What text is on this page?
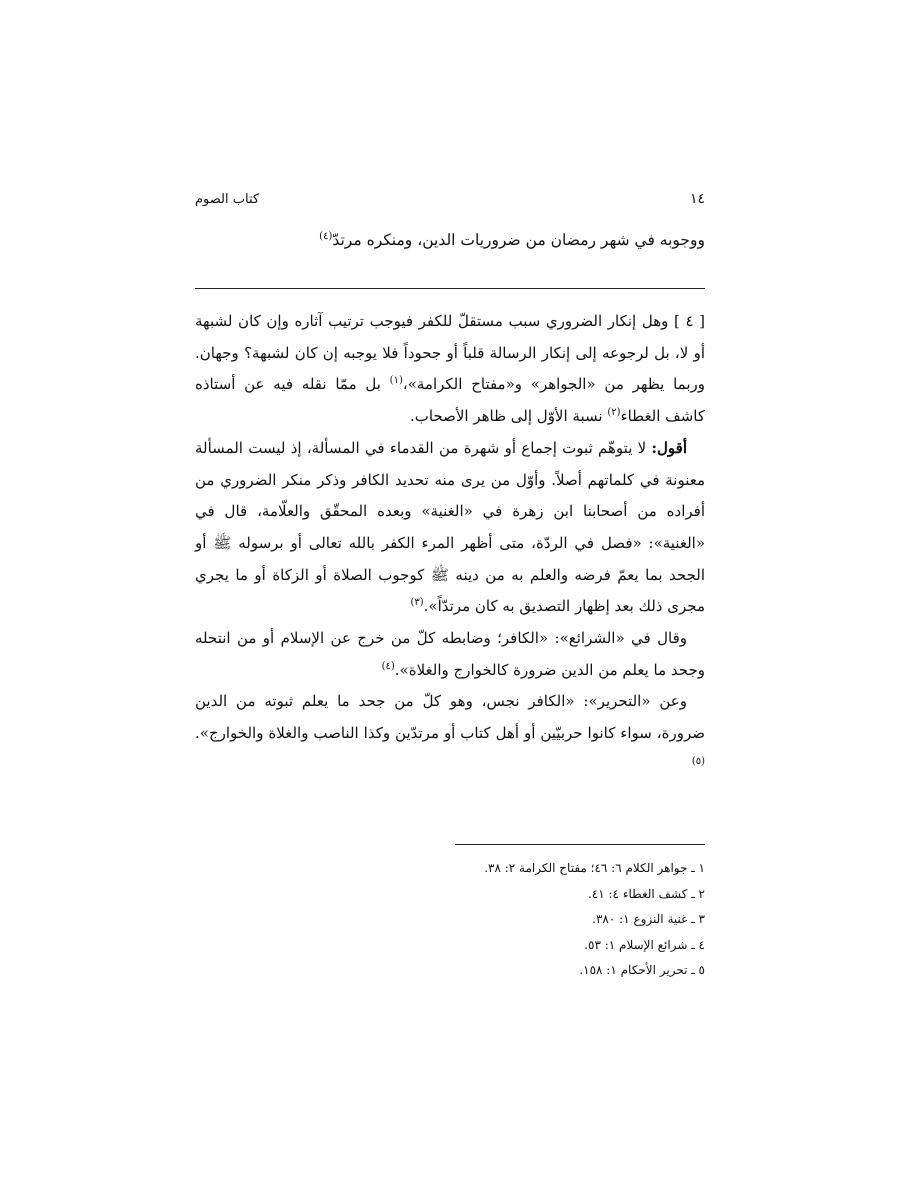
١٤
كتاب الصوم
ووجوبه في شهر رمضان من ضروريات الدين، ومنكره مرتدّ$^{(٤)}$

[ ٤ ] وهل إنكار الضروري سبب مستقلّ للكفر فيوجب ترتيب آثاره وإن كان لشبهة أو لا، بل لرجوعه إلى إنكار الرسالة قلباً أو جحوداً فلا يوجبه إن كان لشبهة؟ وجهان. وربما يظهر من «الجواهر» و«مفتاح الكرامة»،$^{(١)}$ بل ممّا نقله فيه عن أستاذه كاشف الغطاء$^{(٢)}$ نسبة الأوّل إلى ظاهر الأصحاب.

أقول: لا يتوهّم ثبوت إجماع أو شهرة من القدماء في المسألة، إذ ليست المسألة معنونة في كلماتهم أصلاً. وأوّل من يرى منه تحديد الكافر وذكر منكر الضروري من أفراده من أصحابنا ابن زهرة في «الغنية» وبعده المحقّق والعلّامة، قال في «الغنية»: «فصل في الردّة، متى أظهر المرء الكفر بالله تعالى أو برسوله ﷺ أو الجحد بما يعمّ فرضه والعلم به من دينه ﷺ كوجوب الصلاة أو الزكاة أو ما يجري مجرى ذلك بعد إظهار التصديق به كان مرتدّاً».$^{(٣)}$

وقال في «الشرائع»: «الكافر؛ وضابطه كلّ من خرج عن الإسلام أو من انتحله وجحد ما يعلم من الدين ضرورة كالخوارج والغلاة».$^{(٤)}$

وعن «التحرير»: «الكافر نجس، وهو كلّ من جحد ما يعلم ثبوته من الدين ضرورة، سواء كانوا حربيّين أو أهل كتاب أو مرتدّين وكذا الناصب والغلاة والخوارج».$^{(٥)}$

١ ـ جواهر الكلام ٦: ٤٦؛ مفتاح الكرامة ٢: ٣٨.
٢ ـ كشف الغطاء ٤: ٤١.
٣ ـ غنية النزوع ١: ٣٨٠.
٤ ـ شرائع الإسلام ١: ٥٣.
٥ ـ تحرير الأحكام ١: ١٥٨.
